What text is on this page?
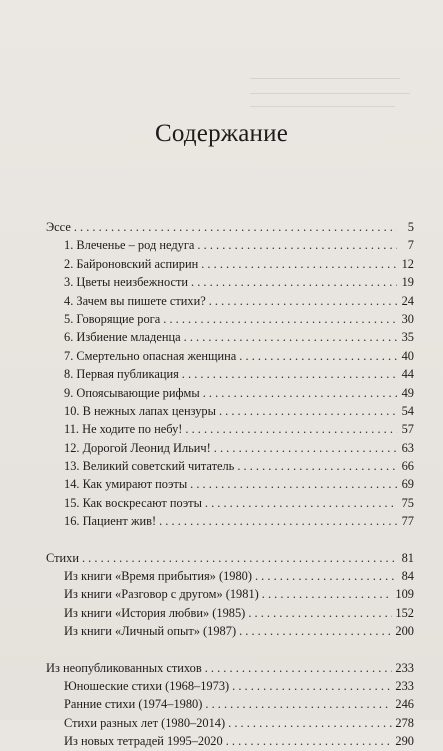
Содержание
Эссе . . .	5
1. Влеченье – род недуга . . .	7
2. Байроновский аспирин . . .	12
3. Цветы неизбежности . . .	19
4. Зачем вы пишете стихи? . . .	24
5. Говорящие рога . . .	30
6. Избиение младенца . . .	35
7. Смертельно опасная женщина . . .	40
8. Первая публикация . . .	44
9. Опоясывающие рифмы . . .	49
10. В нежных лапах цензуры . . .	54
11. Не ходите по небу! . . .	57
12. Дорогой Леонид Ильич! . . .	63
13. Великий советский читатель . . .	66
14. Как умирают поэты . . .	69
15. Как воскресают поэты . . .	75
16. Пациент жив! . . .	77
Стихи . . .	81
Из книги «Время прибытия» (1980) . . .	84
Из книги «Разговор с другом» (1981) . . .	109
Из книги «История любви» (1985) . . .	152
Из книги «Личный опыт» (1987) . . .	200
Из неопубликованных стихов . . .	233
Юношеские стихи (1968–1973) . . .	233
Ранние стихи (1974–1980) . . .	246
Стихи разных лет (1980–2014) . . .	278
Из новых тетрадей 1995–2020 . . .	290
